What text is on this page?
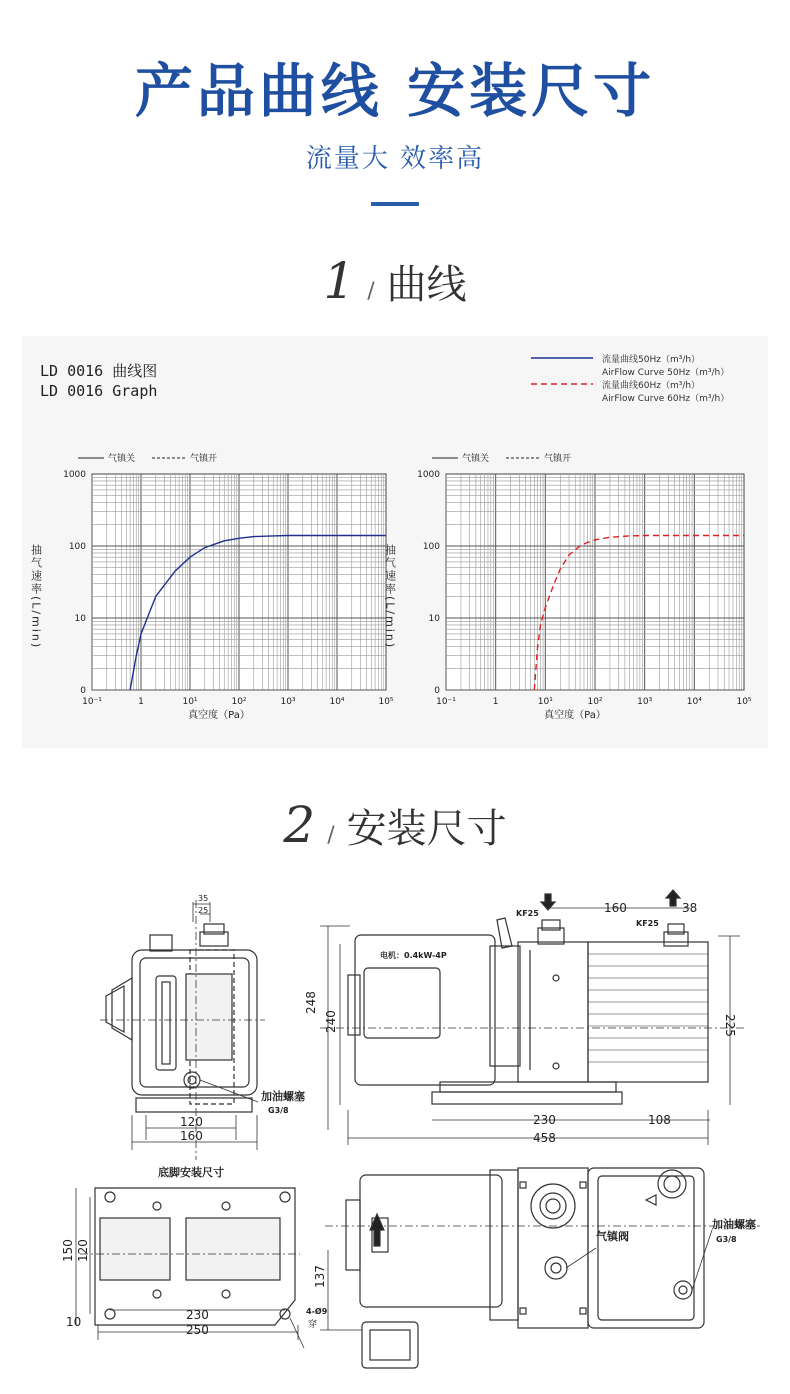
产品曲线 安装尺寸
流量大 效率高
1 / 曲线
LD 0016 曲线图
LD 0016 Graph
流量曲线50Hz（m³/h）
AirFlow Curve 50Hz（m³/h）
流量曲线60Hz（m³/h）
AirFlow Curve 60Hz（m³/h）
气镇关	气镇开
1000
100
10
0
10⁻¹	1	10¹	10²	10³	10⁴	10⁵
真空度（Pa）
抽气速率(L/min)
气镇关	气镇开
1000
100
10
0
10⁻¹	1	10¹	10²	10³	10⁴	10⁵
真空度（Pa）
抽气速率(L/min)
2 / 安装尺寸
35
25
120
160
加油螺塞
G3/8
电机：0.4kW-4P
KF25
KF25
160	38
248
240	225
230	108
458
底脚安装尺寸
150 120
230
250
10
4-Ø9
穿
气镇阀
加油螺塞
G3/8
137
